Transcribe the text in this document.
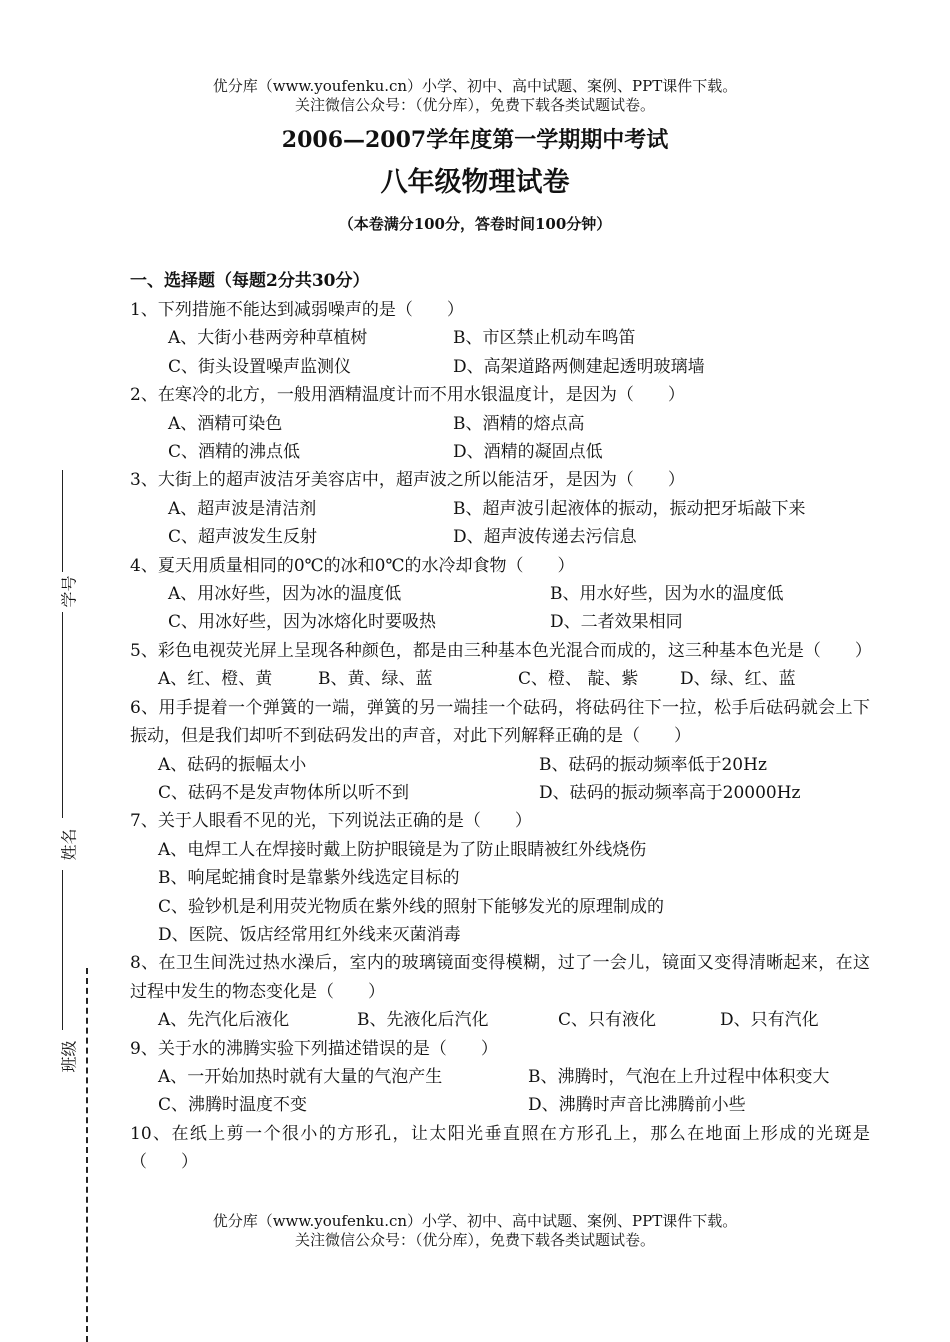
优分库（www.youfenku.cn）小学、初中、高中试题、案例、PPT课件下载。
关注微信公众号：（优分库），免费下载各类试题试卷。
2006—2007学年度第一学期期中考试
八年级物理试卷
（本卷满分100分，答卷时间100分钟）
一、选择题（每题2分共30分）
1、下列措施不能达到减弱噪声的是（　　）
A、大街小巷两旁种草植树	B、市区禁止机动车鸣笛
C、街头设置噪声监测仪	D、高架道路两侧建起透明玻璃墙
2、在寒冷的北方，一般用酒精温度计而不用水银温度计，是因为（　　）
A、酒精可染色	B、酒精的熔点高
C、酒精的沸点低	D、酒精的凝固点低
3、大街上的超声波洁牙美容店中，超声波之所以能洁牙，是因为（　　）
A、超声波是清洁剂	B、超声波引起液体的振动，振动把牙垢敲下来
C、超声波发生反射	D、超声波传递去污信息
4、夏天用质量相同的0℃的冰和0℃的水冷却食物（　　）
A、用冰好些，因为冰的温度低	B、用水好些，因为水的温度低
C、用冰好些，因为冰熔化时要吸热	D、二者效果相同
5、彩色电视荧光屏上呈现各种颜色，都是由三种基本色光混合而成的，这三种基本色光是（　　）
A、红、橙、黄	B、黄、绿、蓝	C、橙、 靛、紫	D、绿、红、蓝
6、用手提着一个弹簧的一端，弹簧的另一端挂一个砝码，将砝码往下一拉，松手后砝码就会上下振动，但是我们却听不到砝码发出的声音，对此下列解释正确的是（　　）
A、砝码的振幅太小	B、砝码的振动频率低于20Hz
C、砝码不是发声物体所以听不到	D、砝码的振动频率高于20000Hz
7、关于人眼看不见的光，下列说法正确的是（　　）
A、电焊工人在焊接时戴上防护眼镜是为了防止眼睛被红外线烧伤
B、响尾蛇捕食时是靠紫外线选定目标的
C、验钞机是利用荧光物质在紫外线的照射下能够发光的原理制成的
D、医院、饭店经常用红外线来灭菌消毒
8、在卫生间洗过热水澡后，室内的玻璃镜面变得模糊，过了一会儿，镜面又变得清晰起来，在这过程中发生的物态变化是（　　）
A、先汽化后液化	B、先液化后汽化	C、只有液化	D、只有汽化
9、关于水的沸腾实验下列描述错误的是（　　）
A、一开始加热时就有大量的气泡产生	B、沸腾时，气泡在上升过程中体积变大
C、沸腾时温度不变	D、沸腾时声音比沸腾前小些
10、在纸上剪一个很小的方形孔，让太阳光垂直照在方形孔上，那么在地面上形成的光斑是（　　）
优分库（www.youfenku.cn）小学、初中、高中试题、案例、PPT课件下载。
关注微信公众号：（优分库），免费下载各类试题试卷。
学号
姓名
班级
